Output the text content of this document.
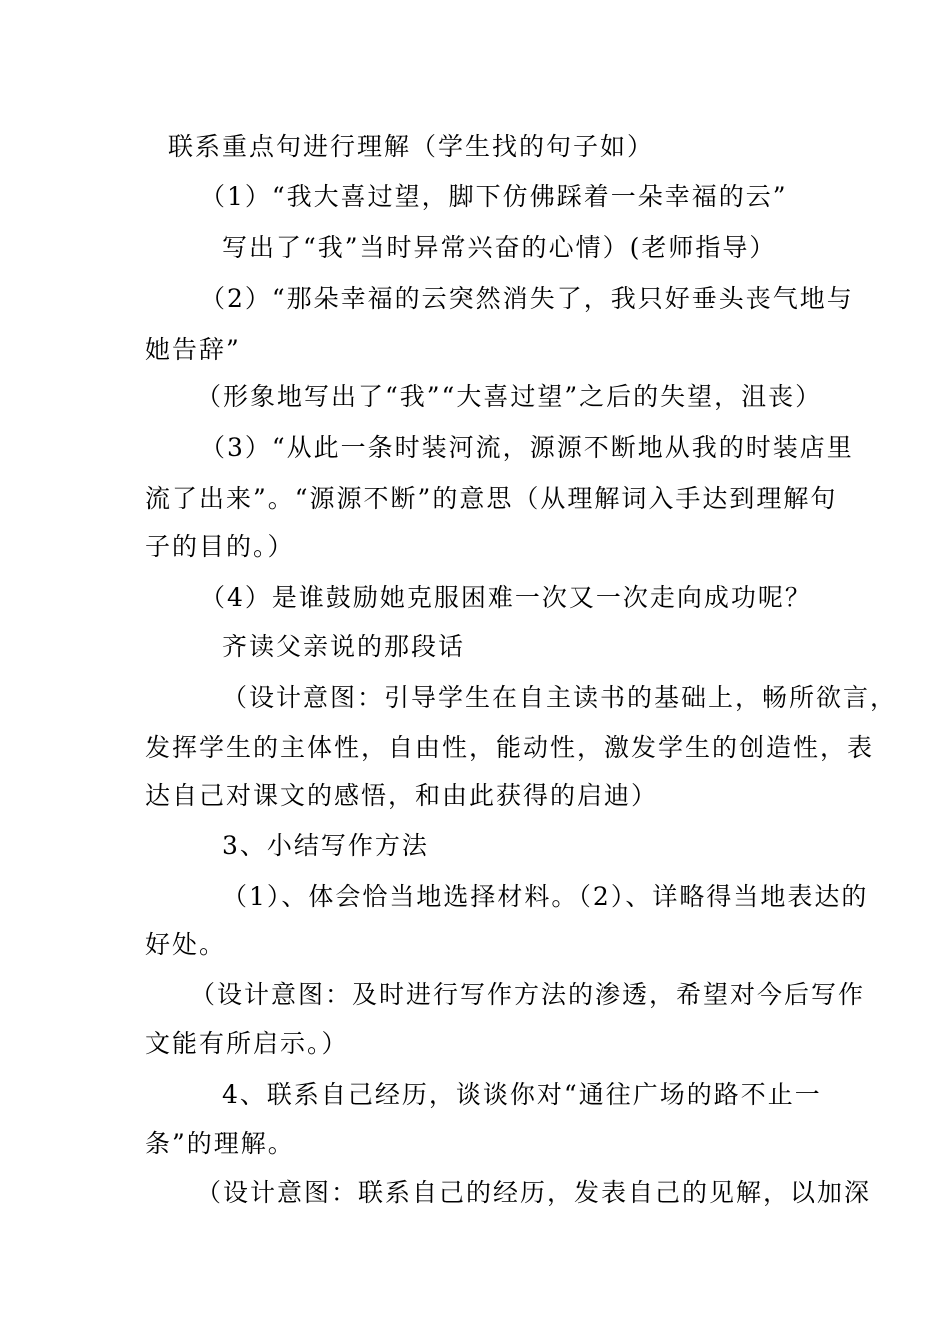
联系重点句进行理解（学生找的句子如）
（1）“我大喜过望，脚下仿佛踩着一朵幸福的云”
写出了“我”当时异常兴奋的心情）(老师指导）
（2）“那朵幸福的云突然消失了，我只好垂头丧气地与
她告辞”
（形象地写出了“我”“大喜过望”之后的失望，沮丧）
（3）“从此一条时装河流，源源不断地从我的时装店里
流了出来”。“源源不断”的意思（从理解词入手达到理解句
子的目的。）
（4）是谁鼓励她克服困难一次又一次走向成功呢？
齐读父亲说的那段话
（设计意图：引导学生在自主读书的基础上，畅所欲言，
发挥学生的主体性，自由性，能动性，激发学生的创造性，表
达自己对课文的感悟，和由此获得的启迪）
3、小结写作方法
（1）、体会恰当地选择材料。（2）、详略得当地表达的
好处。
（设计意图：及时进行写作方法的渗透，希望对今后写作
文能有所启示。）
4、联系自己经历，谈谈你对“通往广场的路不止一
条”的理解。
（设计意图：联系自己的经历，发表自己的见解，以加深
